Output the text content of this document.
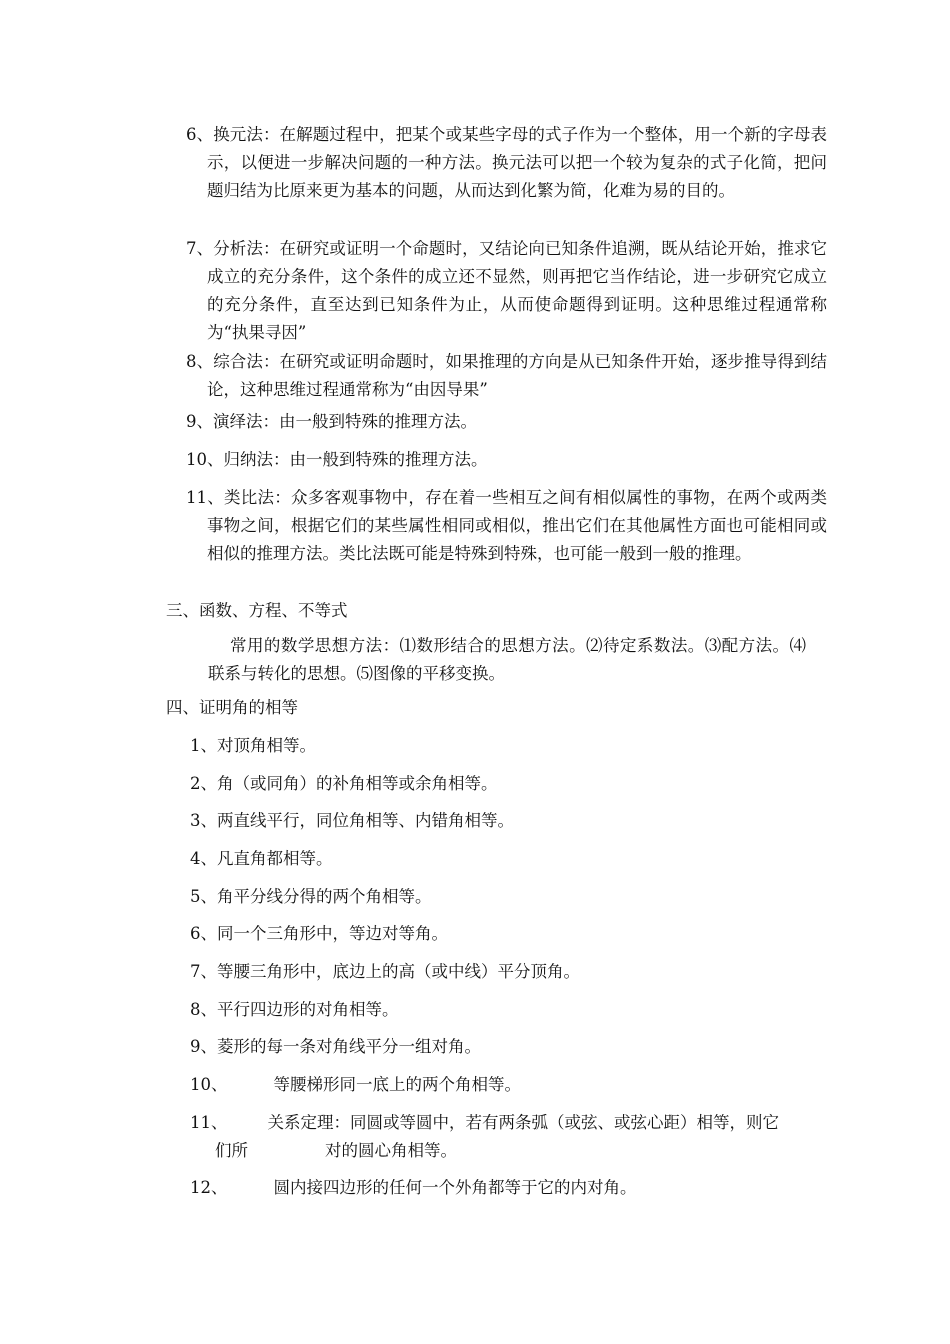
6、换元法：在解题过程中，把某个或某些字母的式子作为一个整体，用一个新的字母表示，以便进一步解决问题的一种方法。换元法可以把一个较为复杂的式子化简，把问题归结为比原来更为基本的问题，从而达到化繁为简，化难为易的目的。

7、分析法：在研究或证明一个命题时，又结论向已知条件追溯，既从结论开始，推求它成立的充分条件，这个条件的成立还不显然，则再把它当作结论，进一步研究它成立的充分条件，直至达到已知条件为止，从而使命题得到证明。这种思维过程通常称为“执果寻因”

8、综合法：在研究或证明命题时，如果推理的方向是从已知条件开始，逐步推导得到结论，这种思维过程通常称为“由因导果”

9、演绎法：由一般到特殊的推理方法。

10、归纳法：由一般到特殊的推理方法。

11、类比法：众多客观事物中，存在着一些相互之间有相似属性的事物，在两个或两类事物之间，根据它们的某些属性相同或相似，推出它们在其他属性方面也可能相同或相似的推理方法。类比法既可能是特殊到特殊，也可能一般到一般的推理。

三、函数、方程、不等式

常用的数学思想方法：⑴数形结合的思想方法。⑵待定系数法。⑶配方法。⑷联系与转化的思想。⑸图像的平移变换。

四、证明角的相等

1、对顶角相等。

2、角（或同角）的补角相等或余角相等。

3、两直线平行，同位角相等、内错角相等。

4、凡直角都相等。

5、角平分线分得的两个角相等。

6、同一个三角形中，等边对等角。

7、等腰三角形中，底边上的高（或中线）平分顶角。

8、平行四边形的对角相等。

9、菱形的每一条对角线平分一组对角。

10、	等腰梯形同一底上的两个角相等。

11、 关系定理：同圆或等圆中，若有两条弧（或弦、或弦心距）相等，则它

们所	对的圆心角相等。

12、	圆内接四边形的任何一个外角都等于它的内对角。
